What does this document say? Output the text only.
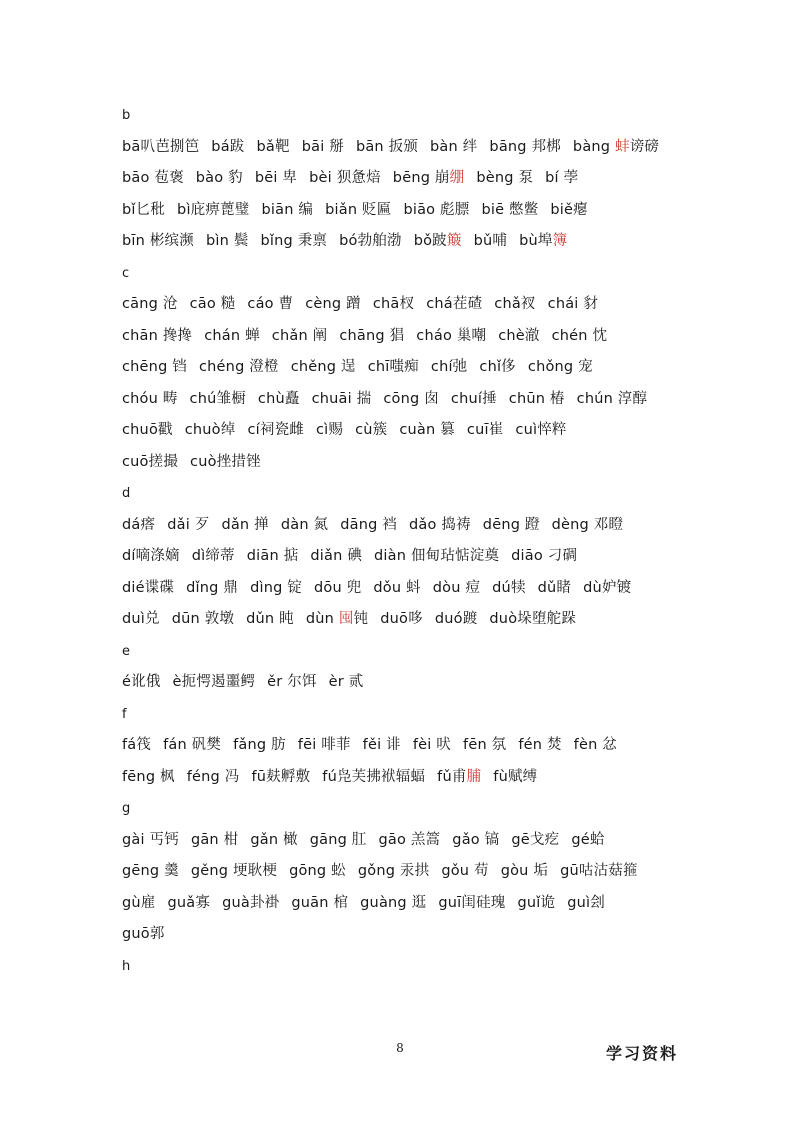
b
bā叭芭捌笆 bá跋 bǎ靶 bāi 掰 bān 扳颁 bàn 绊 bāng 邦梆 bàng 蚌谤磅
bāo 苞褒 bào 豹 bēi 卑 bèi 狈惫焙 bēng 崩绷 bèng 泵 bí 荸
bǐ匕秕 bì庇痹蓖璧 biān 编 biǎn 贬匾 biāo 彪膘 biē 憋鳖 biě瘪
bīn 彬缤濒 bìn 鬓 bǐng 秉禀 bó勃舶渤 bǒ跛簸 bǔ哺 bù埠簿
c
cāng 沧 cāo 糙 cáo 曹 cèng 蹭 chā杈 chá茬碴 chǎ衩 chái 豺
chān 搀搀 chán 蝉 chǎn 阐 chāng 猖 cháo 巢嘲 chè澈 chén 忱
chēng 铛 chéng 澄橙 chěng 逞 chī嗤痴 chí弛 chǐ侈 chǒng 宠
chóu 畴 chú雏橱 chù矗 chuāi 揣 cōng 囱 chuí捶 chūn 椿 chún 淳醇
chuō戳 chuò绰 cí祠瓷雌 cì赐 cù簇 cuàn 篡 cuī崔 cuì悴粹
cuō搓撮 cuò挫措锉
d
dá瘩 dǎi 歹 dǎn 掸 dàn 氮 dāng 裆 dǎo 捣祷 dēng 蹬 dèng 邓瞪
dí嘀涤嫡 dì缔蒂 diān 掂 diǎn 碘 diàn 佃甸玷惦淀奠 diāo 刁碉
dié谍碟 dǐng 鼎 dìng 锭 dōu 兜 dǒu 蚪 dòu 痘 dú犊 dǔ睹 dù妒镀
duì兑 dūn 敦墩 dǔn 盹 dùn 囤钝 duō哆 duó踱 duò垛堕舵跺
e
é讹俄 è扼愕遏噩鳄 ěr 尔饵 èr 贰
f
fá筏 fán 矾樊 fǎng 肪 fēi 啡菲 fěi 诽 fèi 吠 fēn 氛 fén 焚 fèn 忿
fēng 枫 féng 冯 fū麸孵敷 fú凫芙拂袱辐蝠 fǔ甫脯 fù赋缚
g
gài 丐钙 gān 柑 gǎn 橄 gāng 肛 gāo 羔篙 gǎo 镐 gē戈疙 gé蛤
gēng 羹 gěng 埂耿梗 gōng 蚣 gǒng 汞拱 gǒu 苟 gòu 垢 gū咕沽菇箍
gù雇 guǎ寡 guà卦褂 guān 棺 guàng 逛 guī闺硅瑰 guǐ诡 guì刽
guō郭
h
8	学习资料
